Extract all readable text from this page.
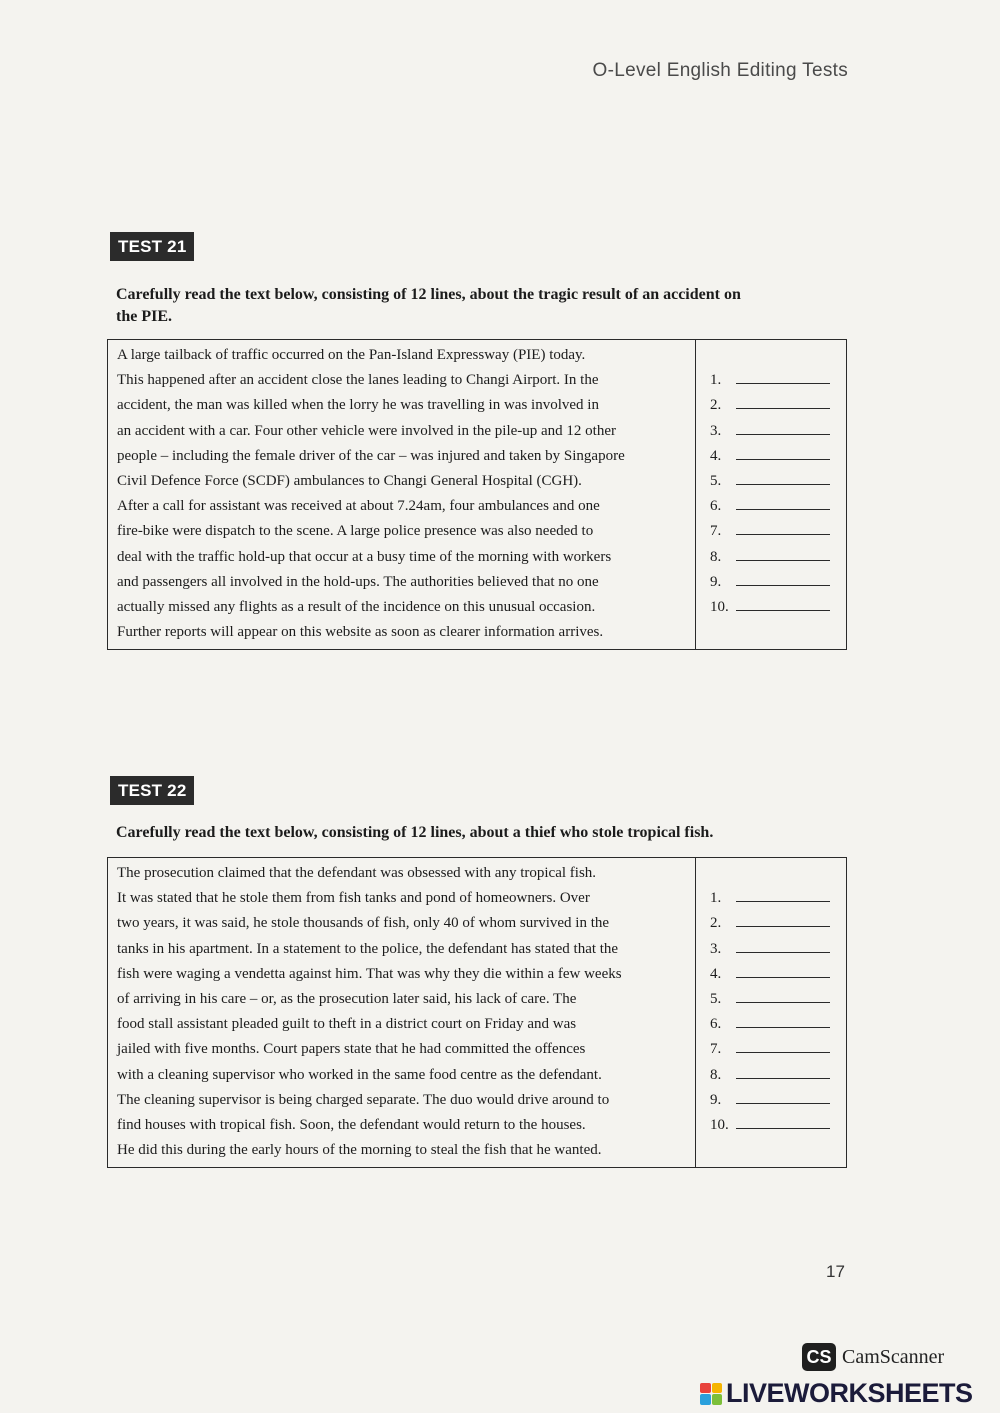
O-Level English Editing Tests
TEST 21
Carefully read the text below, consisting of 12 lines, about the tragic result of an accident on
the PIE.
A large tailback of traffic occurred on the Pan-Island Expressway (PIE) today.
This happened after an accident close the lanes leading to Changi Airport. In the
accident, the man was killed when the lorry he was travelling in was involved in
an accident with a car. Four other vehicle were involved in the pile-up and 12 other
people – including the female driver of the car – was injured and taken by Singapore
Civil Defence Force (SCDF) ambulances to Changi General Hospital (CGH).
After a call for assistant was received at about 7.24am, four ambulances and one
fire-bike were dispatch to the scene. A large police presence was also needed to
deal with the traffic hold-up that occur at a busy time of the morning with workers
and passengers all involved in the hold-ups. The authorities believed that no one
actually missed any flights as a result of the incidence on this unusual occasion.
Further reports will appear on this website as soon as clearer information arrives.
1.
2.
3.
4.
5.
6.
7.
8.
9.
10.
TEST 22
Carefully read the text below, consisting of 12 lines, about a thief who stole tropical fish.
The prosecution claimed that the defendant was obsessed with any tropical fish.
It was stated that he stole them from fish tanks and pond of homeowners. Over
two years, it was said, he stole thousands of fish, only 40 of whom survived in the
tanks in his apartment. In a statement to the police, the defendant has stated that the
fish were waging a vendetta against him. That was why they die within a few weeks
of arriving in his care – or, as the prosecution later said, his lack of care. The
food stall assistant pleaded guilt to theft in a district court on Friday and was
jailed with five months. Court papers state that he had committed the offences
with a cleaning supervisor who worked in the same food centre as the defendant.
The cleaning supervisor is being charged separate. The duo would drive around to
find houses with tropical fish. Soon, the defendant would return to the houses.
He did this during the early hours of the morning to steal the fish that he wanted.
1.
2.
3.
4.
5.
6.
7.
8.
9.
10.
17
CS CamScanner
LIVEWORKSHEETS
